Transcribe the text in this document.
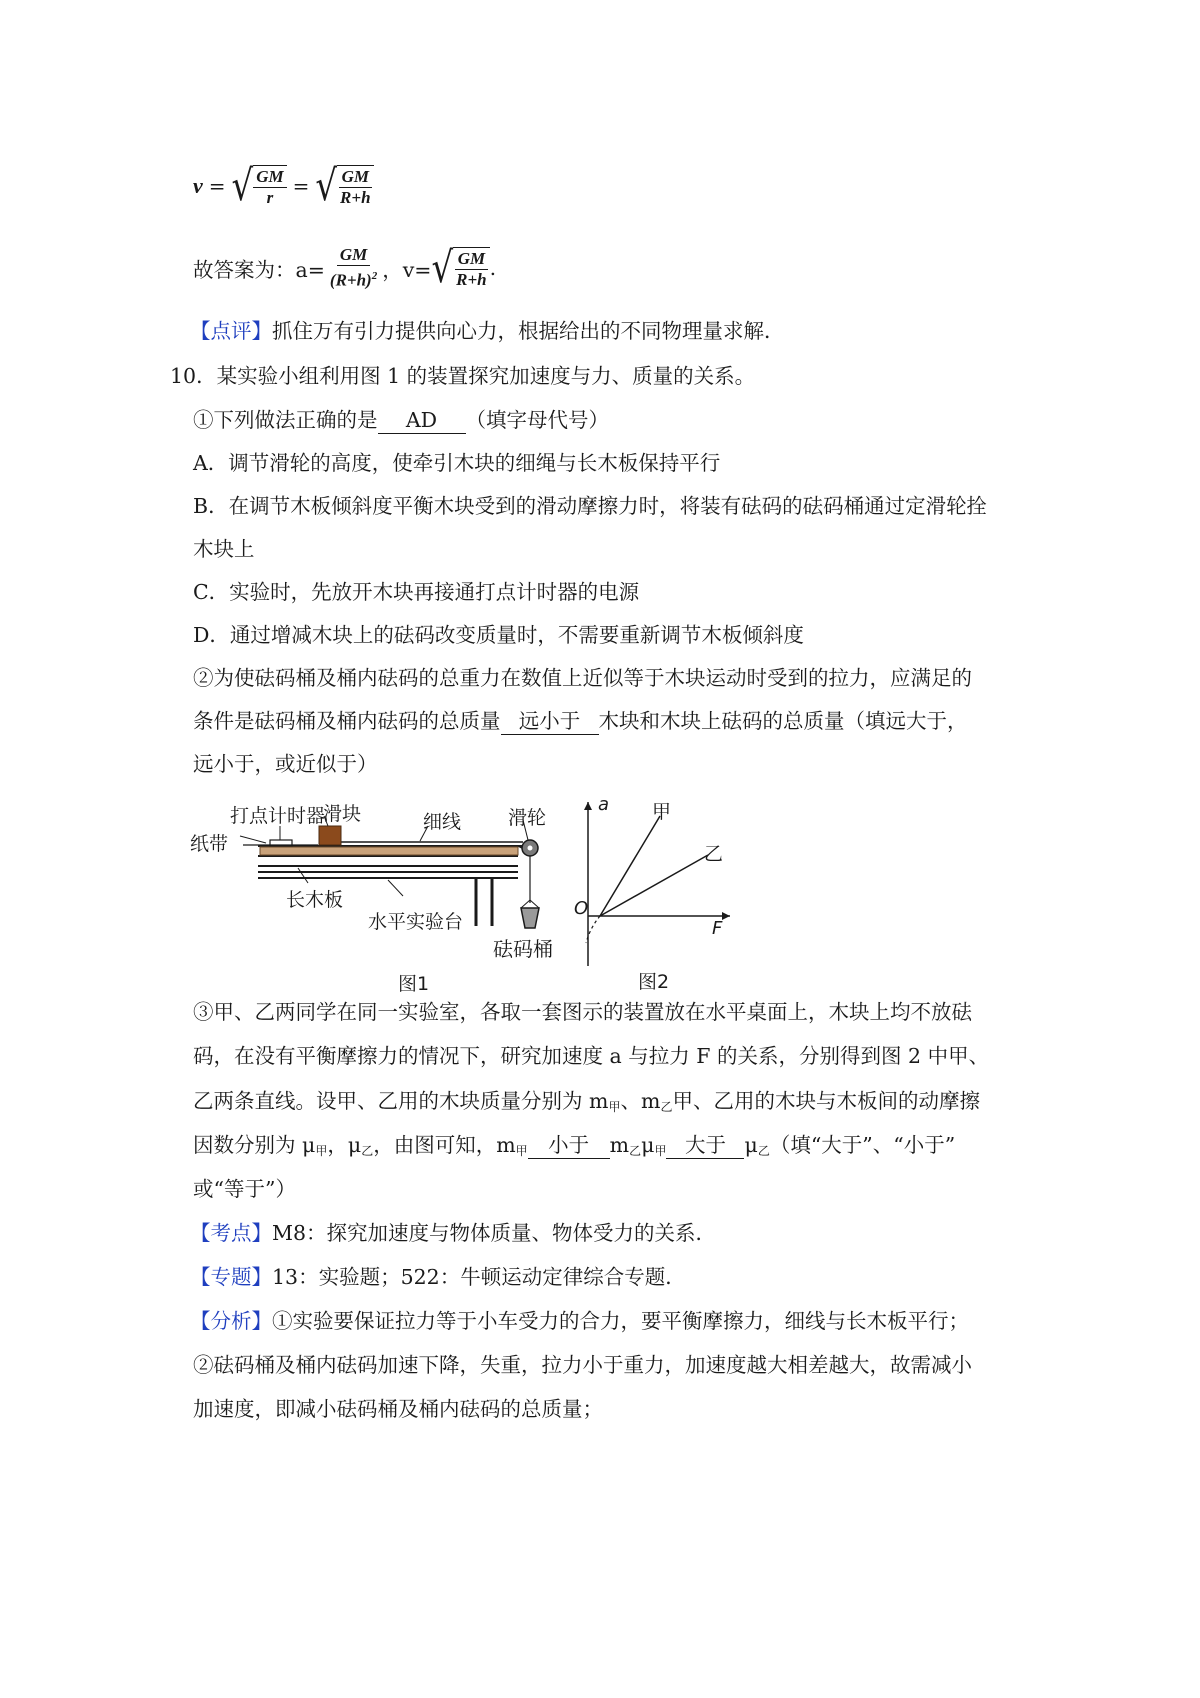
v = √ $\frac{GM}{r}$ = √ $\frac{GM}{R+h}$
故答案为：$a= \frac{GM}{(R+h)^2}$ ，v= √ $\frac{GM}{R+h}$ .
【点评】抓住万有引力提供向心力，根据给出的不同物理量求解．
10．某实验小组利用图 1 的装置探究加速度与力、质量的关系。
①下列做法正确的是 AD （填字母代号）
A．调节滑轮的高度，使牵引木块的细绳与长木板保持平行
B．在调节木板倾斜度平衡木块受到的滑动摩擦力时，将装有砝码的砝码桶通过定滑轮拴
木块上
C．实验时，先放开木块再接通打点计时器的电源
D．通过增减木块上的砝码改变质量时，不需要重新调节木板倾斜度
②为使砝码桶及桶内砝码的总重力在数值上近似等于木块运动时受到的拉力，应满足的
条件是砝码桶及桶内砝码的总质量 远小于 木块和木块上砝码的总质量（填远大于，
远小于，或近似于）
打点计时器
滑块	细线 滑轮
纸带
长木板
水平实验台
砝码桶
图1
a
F
O
甲
乙
图2
③甲、乙两同学在同一实验室，各取一套图示的装置放在水平桌面上，木块上均不放砝
码，在没有平衡摩擦力的情况下，研究加速度 a 与拉力 F 的关系，分别得到图 2 中甲、
乙两条直线。设甲、乙用的木块质量分别为 m甲、m乙甲、乙用的木块与木板间的动摩擦
因数分别为 μ甲，μ乙，由图可知，m甲 小于 m乙μ甲 大于 μ乙（填“大于”、“小于”
或“等于”）
【考点】M8：探究加速度与物体质量、物体受力的关系．
【专题】13：实验题；522：牛顿运动定律综合专题．
【分析】①实验要保证拉力等于小车受力的合力，要平衡摩擦力，细线与长木板平行；
②砝码桶及桶内砝码加速下降，失重，拉力小于重力，加速度越大相差越大，故需减小
加速度，即减小砝码桶及桶内砝码的总质量；
